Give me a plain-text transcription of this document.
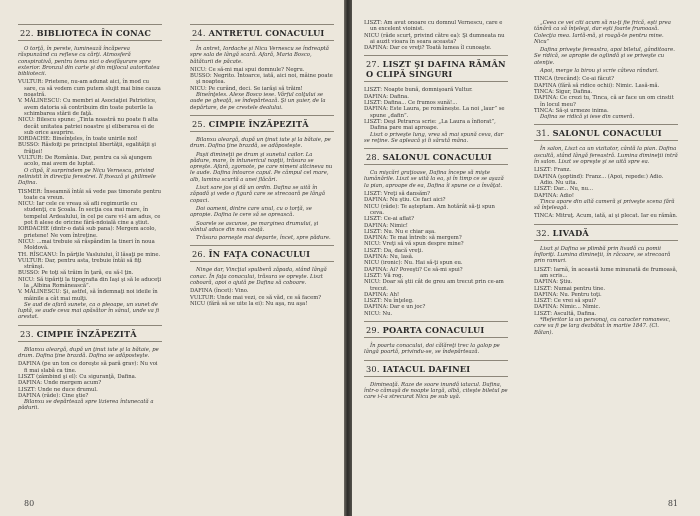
22. BIBLIOTECA ÎN CONAC
O torţă, în perete, luminează încăperea răspunzând cu reflexe cu cărţi. Atmosferă conspirativă, pentru tema nici o desfăşurare spre exterior. Bronzul din carte şi din mijlocul autoritatea bibliotecii.
VULTUR: Prietene, nu-am adunat aici, în mod cu sare, ca să vedem cum putem slujit mai bine cauza noastră.
V. MĂLINESCU: Cu membri ai Asociaţiei Patriotice, avem datoria să contribuim din toate puterile la schimbarea stării de faţă.
NICU: Bilescu spune: „Tinta noastră nu poate fi alta decât unitatea patriei noastre şi eliberarea ei de sub orice asuprire.
IORDACHE: Bineînţeles, în toate unirile noi!
BUSSO: Răsfoiţi pe principiul libertăţii, egalităţii şi frăţiei!
VULTUR: De România. Dar, pentru ca să ajungem acolo, mai avem de luptat.
O clipă, îl surprindem pe Nicu Vernescu, privind nelinistit în direcţia ferestrei. Îl fixează şi ghilimele Dafina.
TISMER: Înseamnă întâi să vede pas timorate pentru toate ca vreun.
NICU: Iar cele ce vreau să afli regimurile cu studenţi, cu Şcoala. În secţia cea mai mare, în tempelul Ardealului, în cel pe care vi-l am adus, ce pot fi alese de oricine fără-ndoială cine a ştiut.
IORDACHE (dintr-o dată sub pana): Mergem acolo, prietene! Ne vom întreţine.
NICU: ...mai trebuie să răspândim la tineri în noua Moldovă.
TH. RÎSCANU: În părţile Vasluiului, îl lăsaţi pe mine.
VULTUR: Dar, pentru asta, trebuie întâi să fiţi strânşi.
BUSSO: Pe toţi să trăim în ţară, eu să-l ţin.
NICU: Să tipăriţi la tipografia din Iaşi şi să le aduceţi la „Albina Românească”.
V. MĂLINESCU: Şi, astfel, să îndemnaţi noi ideile în mâinile a cât mai mulţi.
Se aud de afară sunete, ca o pleoape, un sunet de luptă, se aude ceva mai apăsător în sânul, unde va fi arestat.
23. CIMPIE ÎNZĂPEZITĂ
Bilanxu aleargă, după un ţinut iute şi la bătaie, pe drum. Dafina ţine brazdă. Dafina se adăposteşte.
DAFINA (pe un ton ce doreşte să pară grav): Nu voi fi mai slabă ca tine.
LISZT (zâmbind şi el): Cu siguranţă, Dafina.
DAFINA: Unde mergem acum?
LISZT: Unde ne duce drumul.
DAFINA (râde): Cine ştie?
Bilanxu se depărtează spre lizierea întunecată a pădurii.
24. ANTRETUL CONACULUI
În antret, Iordache şi Nicu Vernescu se îndreaptă spre sala de lângă scară. Afară, Maria Bosco, bătăturii de păcate.
NICU: Ce să-mi mai spui domnule? Negru.
BUSSO: Negrito. Întoarce, iată, aici noi, mâine poate şi noaptea.
NICU: Pe curând, deci. Se iarăşi să trăim!
Bineînţeles. Alexe Bosco iese. Vârful colţului se aude pe gheaţă, se îndepărtează. Şi un şuier, de la depărtare, de pe crestele dealului.
25. CIMPIE ÎNZĂPEZITĂ
Bilanxu aleargă, după un ţinut iute şi la bătaie, pe drum. Dafina ţine brazdă, se adăposteşte.
Paşii dimineţii pe drum şi sunetul cailor. La pădure, mare, în întunericul nopţii, trăsura se opreşte. Afară, zgomote, pe care nimeni altcineva nu le aude. Dafina întoarce capul. Pe câmpul cel mare, alb, lumina scurtă a unei flăcări.
Liszt sare jos şi dă un ordin. Dafina se uită în zăpadă şi vede o figură care se strecoară pe lângă copaci.
Doi oameni, dintre care unul, cu o torţă, se apropie. Dafina le cere să se oprească.
Soarele se ascunse, pe marginea drumului, şi vântul aduce din nou ceaţă.
Trăsura porneşte mai departe, încet, spre pădure.
26. ÎN FAŢA CONACULUI
Ninge dar, Vincţial spulberă zăpada, stând lângă conac. În faţa conacului, trăsura se opreşte. Liszt coboară, apoi o ajută pe Dafina să coboare.
DAFINA (încet): Vino.
VULTUR: Unde mai vezi, ce să văd, ce să facem?
NICU (fără să se uite la ei): Nu aşa, nu aşa!
80
LISZT: Am avut onoare cu domnul Vernescu, care e un excelent vioinist.
NICU (râde scurt, privind către ea): Şi dumneata nu ai auzit vioara în seara aceasta?
DAFINA: Dar ce vreţi? Toată lumea îl cunoaşte.
27. LISZT ŞI DAFINA RĂMÂN O CLIPĂ SINGURI
LISZT: Noapte bună, domnişoară Vultur.
DAFINA: Dafina.
LISZT: Dafina... Ce frumos sună!...
DAFINA: Este Laura, pe românește. La noi „laur” se spune „dafin”.
LISZT: Deşi Petrarca scrie: „La Laura a înfiorat”, Dafina pare mai aproape.
Liszt o priveşte lung, vrea să mai spună ceva, dar se reţine. Se apleacă şi îi sărută mâna.
28. SALONUL CONACULUI
Cu mişcări graţioase, Dafina începe să mişte lumânările. Liszt se uită la ea, şi în timp ce se aşază la pian, aproape de ea, Dafina îi spune ce a învăţat.
LISZT: Vreţi să dansăm?
DAFINA: Nu ştiu. Ce faci aici?
NICU (râde): Te așteptam. Am hotărât să-ţi spun ceva.
LISZT: Ce-ai aflat?
DAFINA: Nimic!
LISZT: Nu. Nu e chiar aşa.
DAFINA: Te mai întreb: să mergem?
NICU: Vreţi să vă spun despre mine?
LISZT: Da, dacă vreţi.
DAFINA: Nu, lasă.
NICU (ironic): Nu. Hai să-ţi spun eu.
DAFINA: Ai? Poveşti? Ce să-mi spui?
LISZT: Vă rog.
NICU: Doar să ştii cât de greu am trecut prin ce-am trecut.
DAFINA: Ah!
LISZT: Nu înţeleg.
DAFINA: Dar e un joc?
NICU: Nu.
29. POARTA CONACULUI
În poarta conacului, doi călăreţi trec la galop pe lângă poartă, privindu-se, se îndepărtează.
30. IATACUL DAFINEI
Dimineaţă. Raze de soare inundă iatacul. Dafina, într-o cămaşă de noapte largă, albă, citeşte biletul pe care i-l-a strecurat Nicu pe sub uşă.
„Ceea ce vei citi acum să nu-ţi fie frică, eşti prea tânără ca să înţelegi, dar eşti foarte frumoasă. Colecţia mea. Iartă-mă, şi roagă-te pentru mine. Nicu”
Dafina priveşte fereastra, apoi biletul, gânditoare. Se ridică, se apropie de oglindă şi se priveşte cu atenţie.
Apoi, merge la birou şi scrie câteva rânduri.
TINCA (trecând): Ce-ai făcut?
DAFINA (fără să ridice ochii): Nimic. Lasă-mă.
TINCA: Sigur, Dafina.
DAFINA: Ce crezi tu, Tinca, că ar face un om cinstit în locul meu?
TINCA: Să-şi urmeze inima.
Dafina se ridică şi iese din cameră.
31. SALONUL CONACULUI
În salon, Liszt ca un vizitator, cântă la pian. Dafina ascultă, stând lângă fereastră. Lumina dimineţii intră în salon. Liszt se opreşte şi se uită spre ea.
LISZT: Franz.
DAFINA (şoptind): Franz... (Apoi, repede:) Adio. Adio. Nu uita.
LISZT: Dar... Nu, nu...
DAFINA: Adio!
Tinca apare din altă cameră şi priveşte scena fără să înţeleagă.
TINCA: Mitruţ. Acum, iată, ai şi plecat. Iar eu rămân.
32. LIVADĂ
Liszt şi Dafina se plimbă prin livadă cu pomii înfloriţi. Lumina dimineţii, în răcoare, se strecoară prin ramuri.
LISZT: Iarnă, în această lume minunată de frumoasă, am scris...
DAFINA: Ştiu.
LISZT: Numai pentru tine.
DAFINA: Nu. Pentru toţi.
LISZT: Ce vrei să spui?
DAFINA: Nimic... Nimic.
LISZT: Ascultă, Dafina.
*Referitor la un personaj, cu caracter romanesc, care va fi pe larg dezbătut în martie 1847. (Cl. Bălan).
81
